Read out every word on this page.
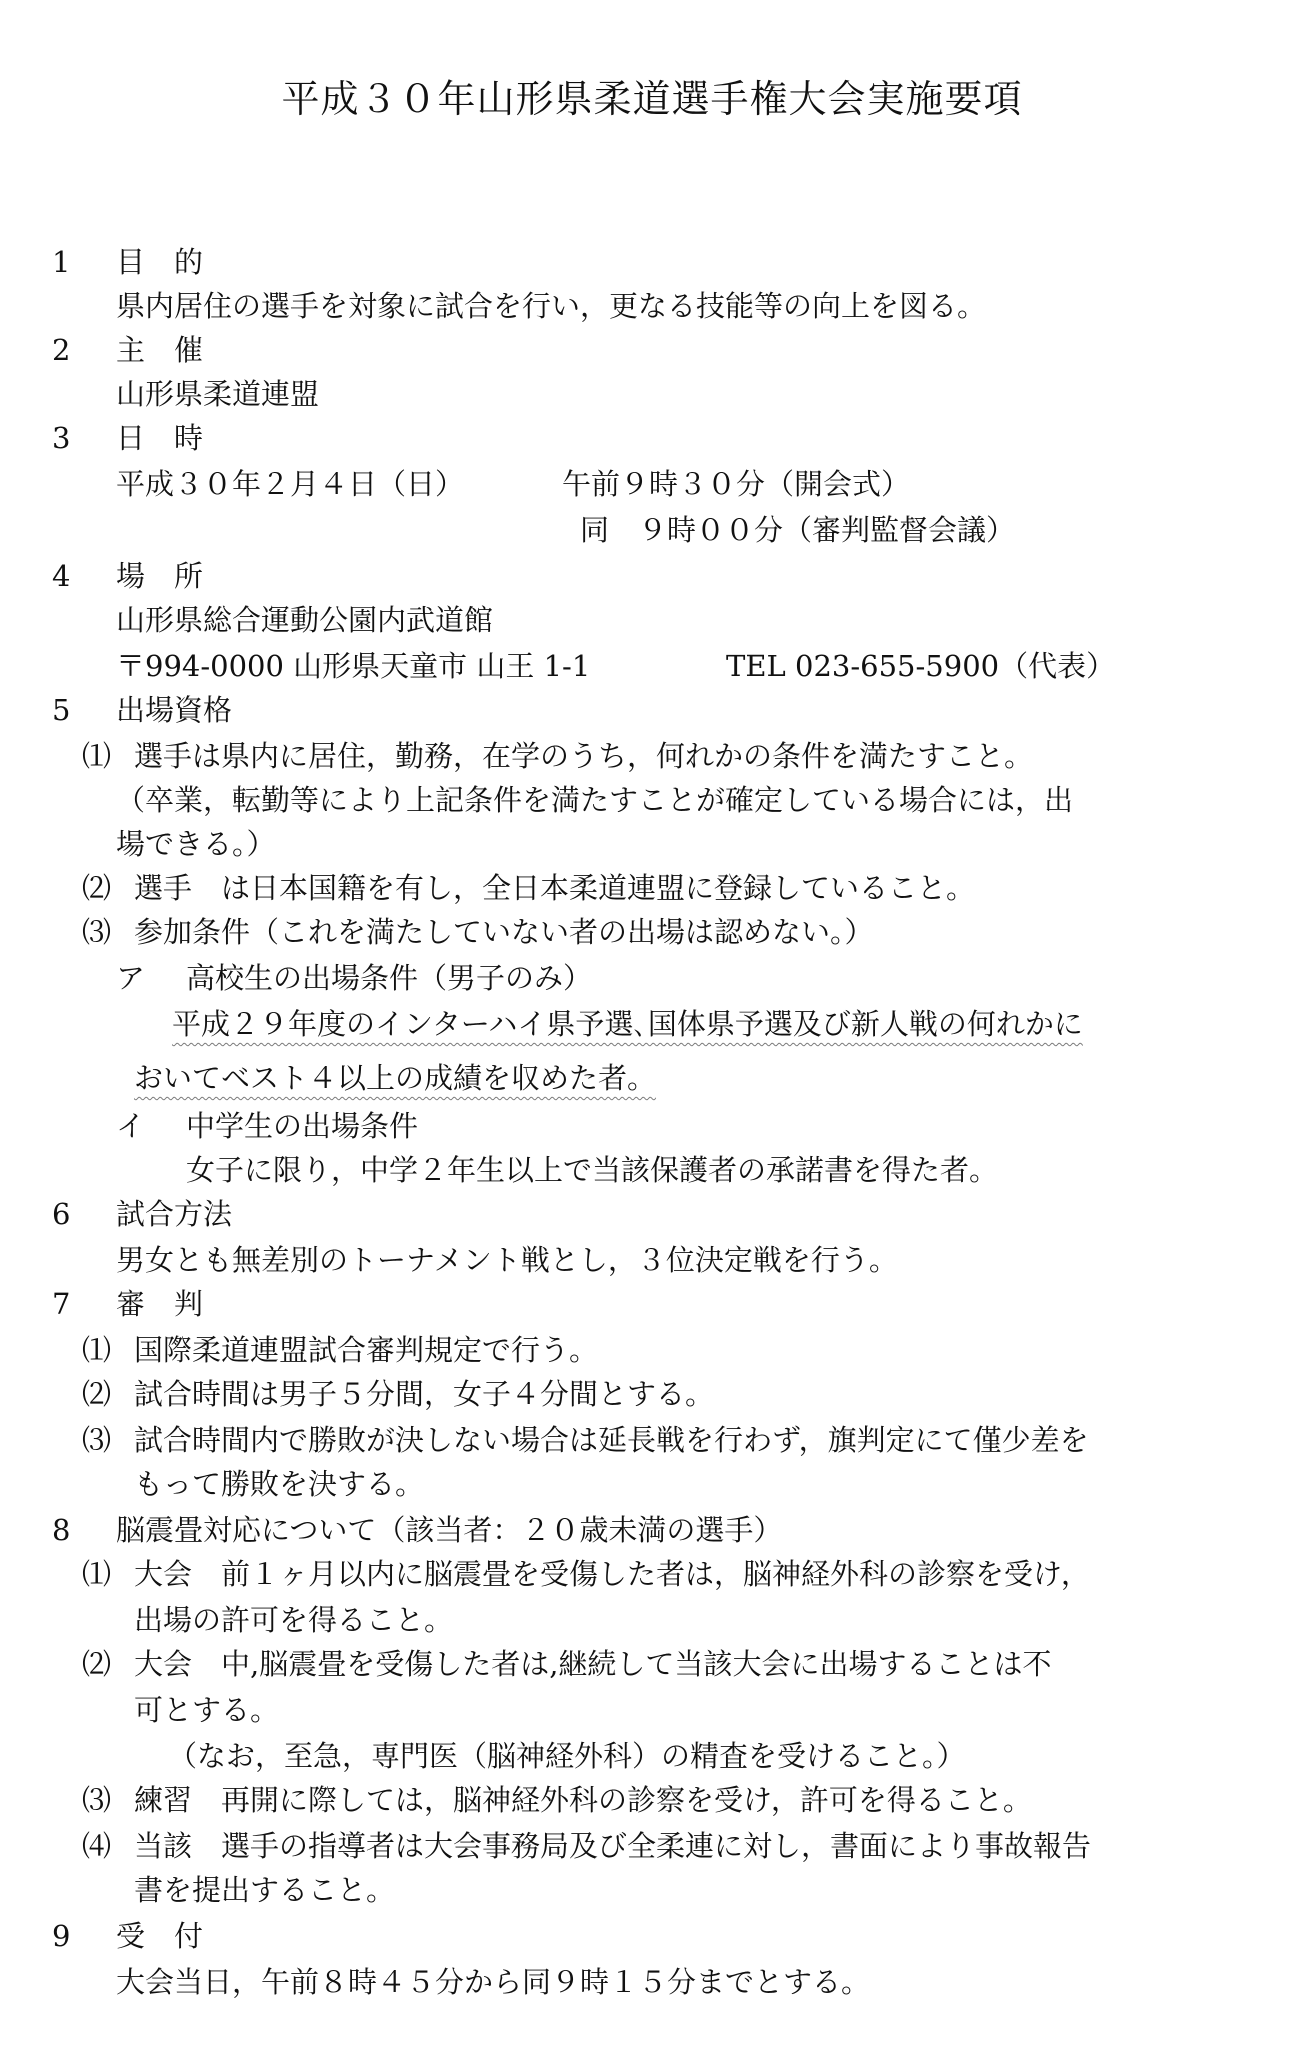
平成３０年山形県柔道選手権大会実施要項
1 目　的
県内居住の選手を対象に試合を行い，更なる技能等の向上を図る。
2 主　催
山形県柔道連盟
3 日　時
平成３０年２月４日（日）	午前９時３０分（開会式）
同　９時００分（審判監督会議）
4 場　所
山形県総合運動公園内武道館
〒994-0000 山形県天童市 山王 1-1	TEL 023-655-5900（代表）
5 出場資格
⑴ 選手は県内に居住，勤務，在学のうち，何れかの条件を満たすこと。
（卒業，転勤等により上記条件を満たすことが確定している場合には，出
場できる。）
⑵ 選手　は日本国籍を有し，全日本柔道連盟に登録していること。
⑶ 参加条件（これを満たしていない者の出場は認めない。）
ア 高校生の出場条件（男子のみ）
平成２９年度のインターハイ県予選､国体県予選及び新人戦の何れかに
おいてベスト４以上の成績を収めた者。
イ 中学生の出場条件
女子に限り，中学２年生以上で当該保護者の承諾書を得た者。
6 試合方法
男女とも無差別のトーナメント戦とし，３位決定戦を行う。
7 審　判
⑴ 国際柔道連盟試合審判規定で行う。
⑵ 試合時間は男子５分間，女子４分間とする。
⑶ 試合時間内で勝敗が決しない場合は延長戦を行わず，旗判定にて僅少差を
もって勝敗を決する。
8 脳震畳対応について（該当者：２０歳未満の選手）
⑴ 大会　前１ヶ月以内に脳震畳を受傷した者は，脳神経外科の診察を受け，
出場の許可を得ること。
⑵ 大会　中,脳震畳を受傷した者は,継続して当該大会に出場することは不
可とする。
（なお，至急，専門医（脳神経外科）の精査を受けること。）
⑶ 練習　再開に際しては，脳神経外科の診察を受け，許可を得ること。
⑷ 当該　選手の指導者は大会事務局及び全柔連に対し，書面により事故報告
書を提出すること。
9 受　付
大会当日，午前８時４５分から同９時１５分までとする。
